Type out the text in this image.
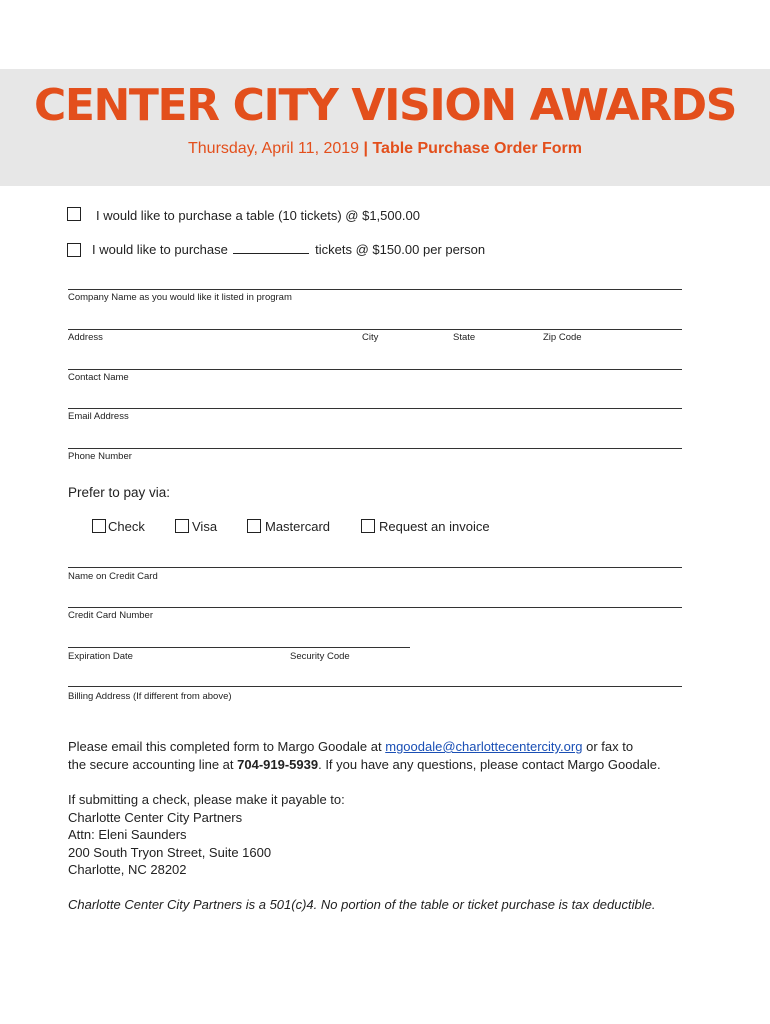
CENTER CITY VISION AWARDS
Thursday, April 11, 2019 | Table Purchase Order Form
I would like to purchase a table (10 tickets) @ $1,500.00
I would like to purchase	tickets @ $150.00 per person
Company Name as you would like it listed in program
Address	City	State	Zip Code
Contact Name
Email Address
Phone Number
Prefer to pay via:
Check	Visa	Mastercard	Request an invoice
Name on Credit Card
Credit Card Number
Expiration Date	Security Code
Billing Address (If different from above)
Please email this completed form to Margo Goodale at mgoodale@charlottecentercity.org or fax to
the secure accounting line at 704-919-5939. If you have any questions, please contact Margo Goodale.
If submitting a check, please make it payable to:
Charlotte Center City Partners
Attn: Eleni Saunders
200 South Tryon Street, Suite 1600
Charlotte, NC 28202
Charlotte Center City Partners is a 501(c)4. No portion of the table or ticket purchase is tax deductible.
